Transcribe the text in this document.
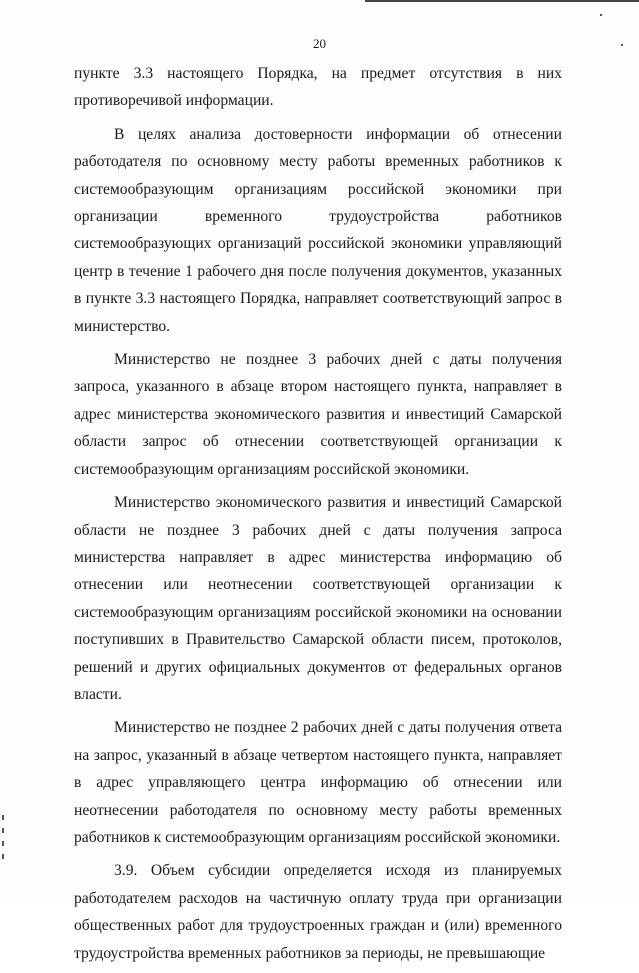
20

пункте 3.3 настоящего Порядка, на предмет отсутствия в них противоречивой информации.

В целях анализа достоверности информации об отнесении работодателя по основному месту работы временных работников к системообразующим организациям российской экономики при организации временного трудоустройства работников системообразующих организаций российской экономики управляющий центр в течение 1 рабочего дня после получения документов, указанных в пункте 3.3 настоящего Порядка, направляет соответствующий запрос в министерство.

Министерство не позднее 3 рабочих дней с даты получения запроса, указанного в абзаце втором настоящего пункта, направляет в адрес министерства экономического развития и инвестиций Самарской области запрос об отнесении соответствующей организации к системообразующим организациям российской экономики.

Министерство экономического развития и инвестиций Самарской области не позднее 3 рабочих дней с даты получения запроса министерства направляет в адрес министерства информацию об отнесении или неотнесении соответствующей организации к системообразующим организациям российской экономики на основании поступивших в Правительство Самарской области писем, протоколов, решений и других официальных документов от федеральных органов власти.

Министерство не позднее 2 рабочих дней с даты получения ответа на запрос, указанный в абзаце четвертом настоящего пункта, направляет в адрес управляющего центра информацию об отнесении или неотнесении работодателя по основному месту работы временных работников к системообразующим организациям российской экономики.

3.9. Объем субсидии определяется исходя из планируемых работодателем расходов на частичную оплату труда при организации общественных работ для трудоустроенных граждан и (или) временного трудоустройства временных работников за периоды, не превышающие
